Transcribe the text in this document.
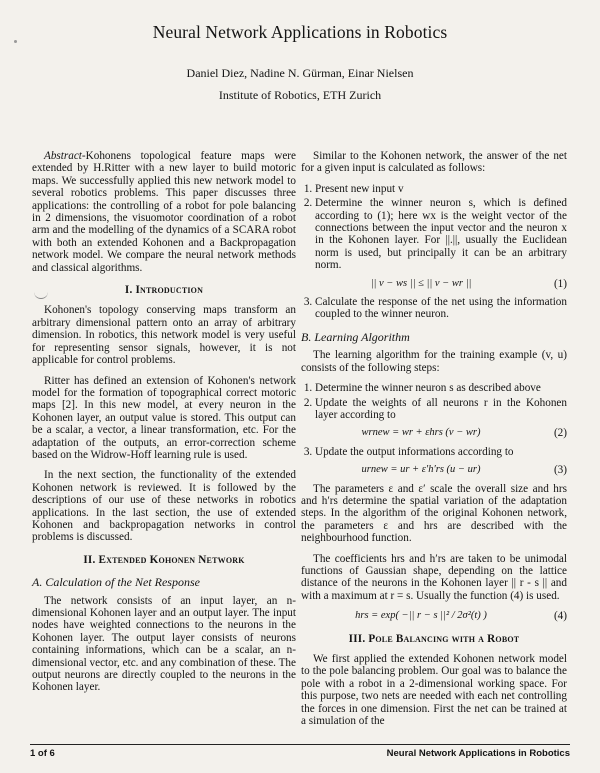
Neural Network Applications in Robotics
Daniel Diez, Nadine N. Gürman, Einar Nielsen
Institute of Robotics, ETH Zurich

Abstract-Kohonens topological feature maps were extended by H.Ritter with a new layer to build motoric maps. We successfully applied this new network model to several robotics problems. This paper discusses three applications: the controlling of a robot for pole balancing in 2 dimensions, the visuomotor coordination of a robot arm and the modelling of the dynamics of a SCARA robot with both an extended Kohonen and a Backpropagation network model. We compare the neural network methods and classical algorithms.

I. Introduction

Kohonen's topology conserving maps transform an arbitrary dimensional pattern onto an array of arbitrary dimension. In robotics, this network model is very useful for representing sensor signals, however, it is not applicable for control problems.

Ritter has defined an extension of Kohonen's network model for the formation of topographical correct motoric maps [2]. In this new model, at every neuron in the Kohonen layer, an output value is stored. This output can be a scalar, a vector, a linear transformation, etc. For the adaptation of the outputs, an error-correction scheme based on the Widrow-Hoff learning rule is used.

In the next section, the functionality of the extended Kohonen network is reviewed. It is followed by the descriptions of our use of these networks in robotics applications. In the last section, the use of extended Kohonen and backpropagation networks in control problems is discussed.

II. Extended Kohonen Network
A. Calculation of the Net Response

The network consists of an input layer, an n-dimensional Kohonen layer and an output layer. The input nodes have weighted connections to the neurons in the Kohonen layer. The output layer consists of neurons containing informations, which can be a scalar, an n-dimensional vector, etc. and any combination of these. The output neurons are directly coupled to the neurons in the Kohonen layer.

Similar to the Kohonen network, the answer of the net for a given input is calculated as follows:

1. Present new input v
2. Determine the winner neuron s, which is defined according to (1); here wx is the weight vector of the connections between the input vector and the neuron x in the Kohonen layer. For ||.||, usually the Euclidean norm is used, but principally it can be an arbitrary norm.
|| v − ws || ≤ || v − wr ||	(1)
3. Calculate the response of the net using the information coupled to the winner neuron.
B. Learning Algorithm

The learning algorithm for the training example (v, u) consists of the following steps:

1. Determine the winner neuron s as described above
2. Update the weights of all neurons r in the Kohonen layer according to
wrnew = wr + εhrs (v − wr)	(2)
3. Update the output informations according to
urnew = ur + ε′h′rs (u − ur)	(3)

The parameters ε and ε′ scale the overall size and hrs and h′rs determine the spatial variation of the adaptation steps. In the algorithm of the original Kohonen network, the parameters ε and hrs are described with the neighbourhood function.

The coefficients hrs and h′rs are taken to be unimodal functions of Gaussian shape, depending on the lattice distance of the neurons in the Kohonen layer || r - s || and with a maximum at r = s. Usually the function (4) is used.

hrs = exp( −|| r − s ||² / 2σ²(t) )	(4)
III. Pole Balancing with a Robot

We first applied the extended Kohonen network model to the pole balancing problem. Our goal was to balance the pole with a robot in a 2-dimensional working space. For this purpose, two nets are needed with each net controlling the forces in one dimension. First the net can be trained at a simulation of the

1 of 6	Neural Network Applications in Robotics
